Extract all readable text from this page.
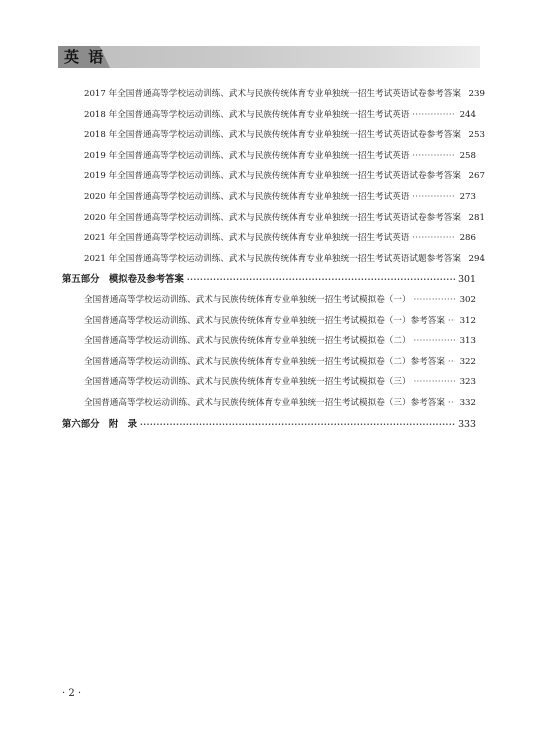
英 语
2017 年全国普通高等学校运动训练、武术与民族传统体育专业单独统一招生考试英语试卷参考答案 239
2018 年全国普通高等学校运动训练、武术与民族传统体育专业单独统一招生考试英语 ·····	244
2018 年全国普通高等学校运动训练、武术与民族传统体育专业单独统一招生考试英语试卷参考答案 253
2019 年全国普通高等学校运动训练、武术与民族传统体育专业单独统一招生考试英语 ·····	258
2019 年全国普通高等学校运动训练、武术与民族传统体育专业单独统一招生考试英语试卷参考答案 267
2020 年全国普通高等学校运动训练、武术与民族传统体育专业单独统一招生考试英语 ·····	273
2020 年全国普通高等学校运动训练、武术与民族传统体育专业单独统一招生考试英语试卷参考答案 281
2021 年全国普通高等学校运动训练、武术与民族传统体育专业单独统一招生考试英语 ·····	286
2021 年全国普通高等学校运动训练、武术与民族传统体育专业单独统一招生考试英语试题参考答案 294
第五部分　模拟卷及参考答案 ·····	301
全国普通高等学校运动训练、武术与民族传统体育专业单独统一招生考试模拟卷（一） ·····	302
全国普通高等学校运动训练、武术与民族传统体育专业单独统一招生考试模拟卷（一）参考答案 ····· 312
全国普通高等学校运动训练、武术与民族传统体育专业单独统一招生考试模拟卷（二） ·····	313
全国普通高等学校运动训练、武术与民族传统体育专业单独统一招生考试模拟卷（二）参考答案 ····· 322
全国普通高等学校运动训练、武术与民族传统体育专业单独统一招生考试模拟卷（三） ·····	323
全国普通高等学校运动训练、武术与民族传统体育专业单独统一招生考试模拟卷（三）参考答案 ····· 332
第六部分　附　录 ·····	333
· 2 ·
